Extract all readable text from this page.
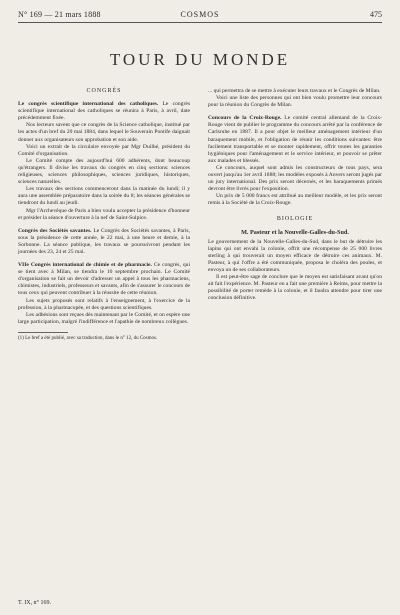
N° 169 — 21 mars 1888	COSMOS	475
TOUR DU MONDE
CONGRÈS

Le congrès scientifique international des catholiques. Le congrès scientifique international des catholiques se réunira à Paris, à avril, date précédemment fixée.

Nos lecteurs savent que ce congrès de la Science catholique, institué par les actes d'un bref du 20 mai 1884, dans lequel le Souverain Pontife daignait donner aux organisateurs son approbation et son aide.

Voici un extrait de la circulaire envoyée par Mgr Duilhé, président du Comité d'organisation.

Le Comité compte des aujourd'hui 600 adhérents, dont beaucoup qu'étrangers. Il divise les travaux du congrès en cinq sections: sciences religieuses, sciences philosophiques, sciences juridiques, historiques, sciences naturelles.

Les travaux des sections commenceront dans la matinée du lundi; il y aura une assemblée préparatoire dans la soirée du 8; les séances générales se tiendront du lundi au jeudi.

Mgr l'Archevêque de Paris a bien voulu accepter la présidence d'honneur et présider la séance d'ouverture à la nef de Saint-Sulpice.

Congrès des Sociétés savantes. Le Congrès des Sociétés savantes, à Paris, sous la présidence de cette année, le 22 mai, à une heure et demie, à la Sorbonne. La séance publique, les travaux se poursuivront pendant les journées des 23, 24 et 25 mai.

VIIe Congrès international de chimie et de pharmacie. Ce congrès, qui se tient avec à Milan, se tiendra le 10 septembre prochain. Le Comité d'organisation se fait un devoir d'adresser un appel à tous les pharmaciens, chimistes, industriels, professeurs et savants, afin de s'assurer le concours de tous ceux qui peuvent contribuer à la réussite de cette réunion.

Les sujets proposés sont relatifs à l'enseignement, à l'exercice de la profession, à la pharmacopée, et des questions scientifiques.

Les adhésions sont reçues dès maintenant par le Comité, et on espère une large participation, malgré l'indifférence et l'apathie de nombreux collègues.

(1) Le bref a été publié, avec sa traduction, dans le n° 12, du Cosmos.

... qui permettra de se mettre à exécuter leurs travaux et le Congrès de Milan.

Voici une liste des personnes qui ont bien voulu promettre leur concours pour la réunion du Congrès de Milan.

Concours de la Croix-Rouge. Le comité central allemand de la Croix-Rouge vient de publier le programme du concours arrêté par la conférence de Carlsruhe en 1887. Il a pour objet le meilleur aménagement intérieur d'un baraquement mobile, et l'obligation de réunir les conditions suivantes: être facilement transportable et se monter rapidement, offrir toutes les garanties hygiéniques pour l'aménagement et le service intérieur, et pouvoir se prêter aux malades et blessés.

Ce concours, auquel sont admis les constructeurs de tous pays, sera ouvert jusqu'au 1er avril 1888; les modèles exposés à Anvers seront jugés par un jury international. Des prix seront décernés, et les baraquements primés devront être livrés pour l'exposition.

Un prix de 5 000 francs est attribué au meilleur modèle, et les prix seront remis à la Société de la Croix-Rouge.

BIOLOGIE
M. Pasteur et la Nouvelle-Galles-du-Sud.

Le gouvernement de la Nouvelle-Galles-du-Sud, dans le but de détruire les lapins qui ont envahi la colonie, offrit une récompense de 25 000 livres sterling à qui trouverait un moyen efficace de détruire ces animaux. M. Pasteur, à qui l'offre a été communiquée, proposa le choléra des poules, et envoya un de ses collaborateurs.

Il est peut-être sage de conclure que le moyen est satisfaisant avant qu'on ait fait l'expérience. M. Pasteur en a fait une première à Reims, pour mettre la possibilité de porter remède à la colonie, et il faudra attendre pour tirer une conclusion définitive.

T. IX, n° 169.
